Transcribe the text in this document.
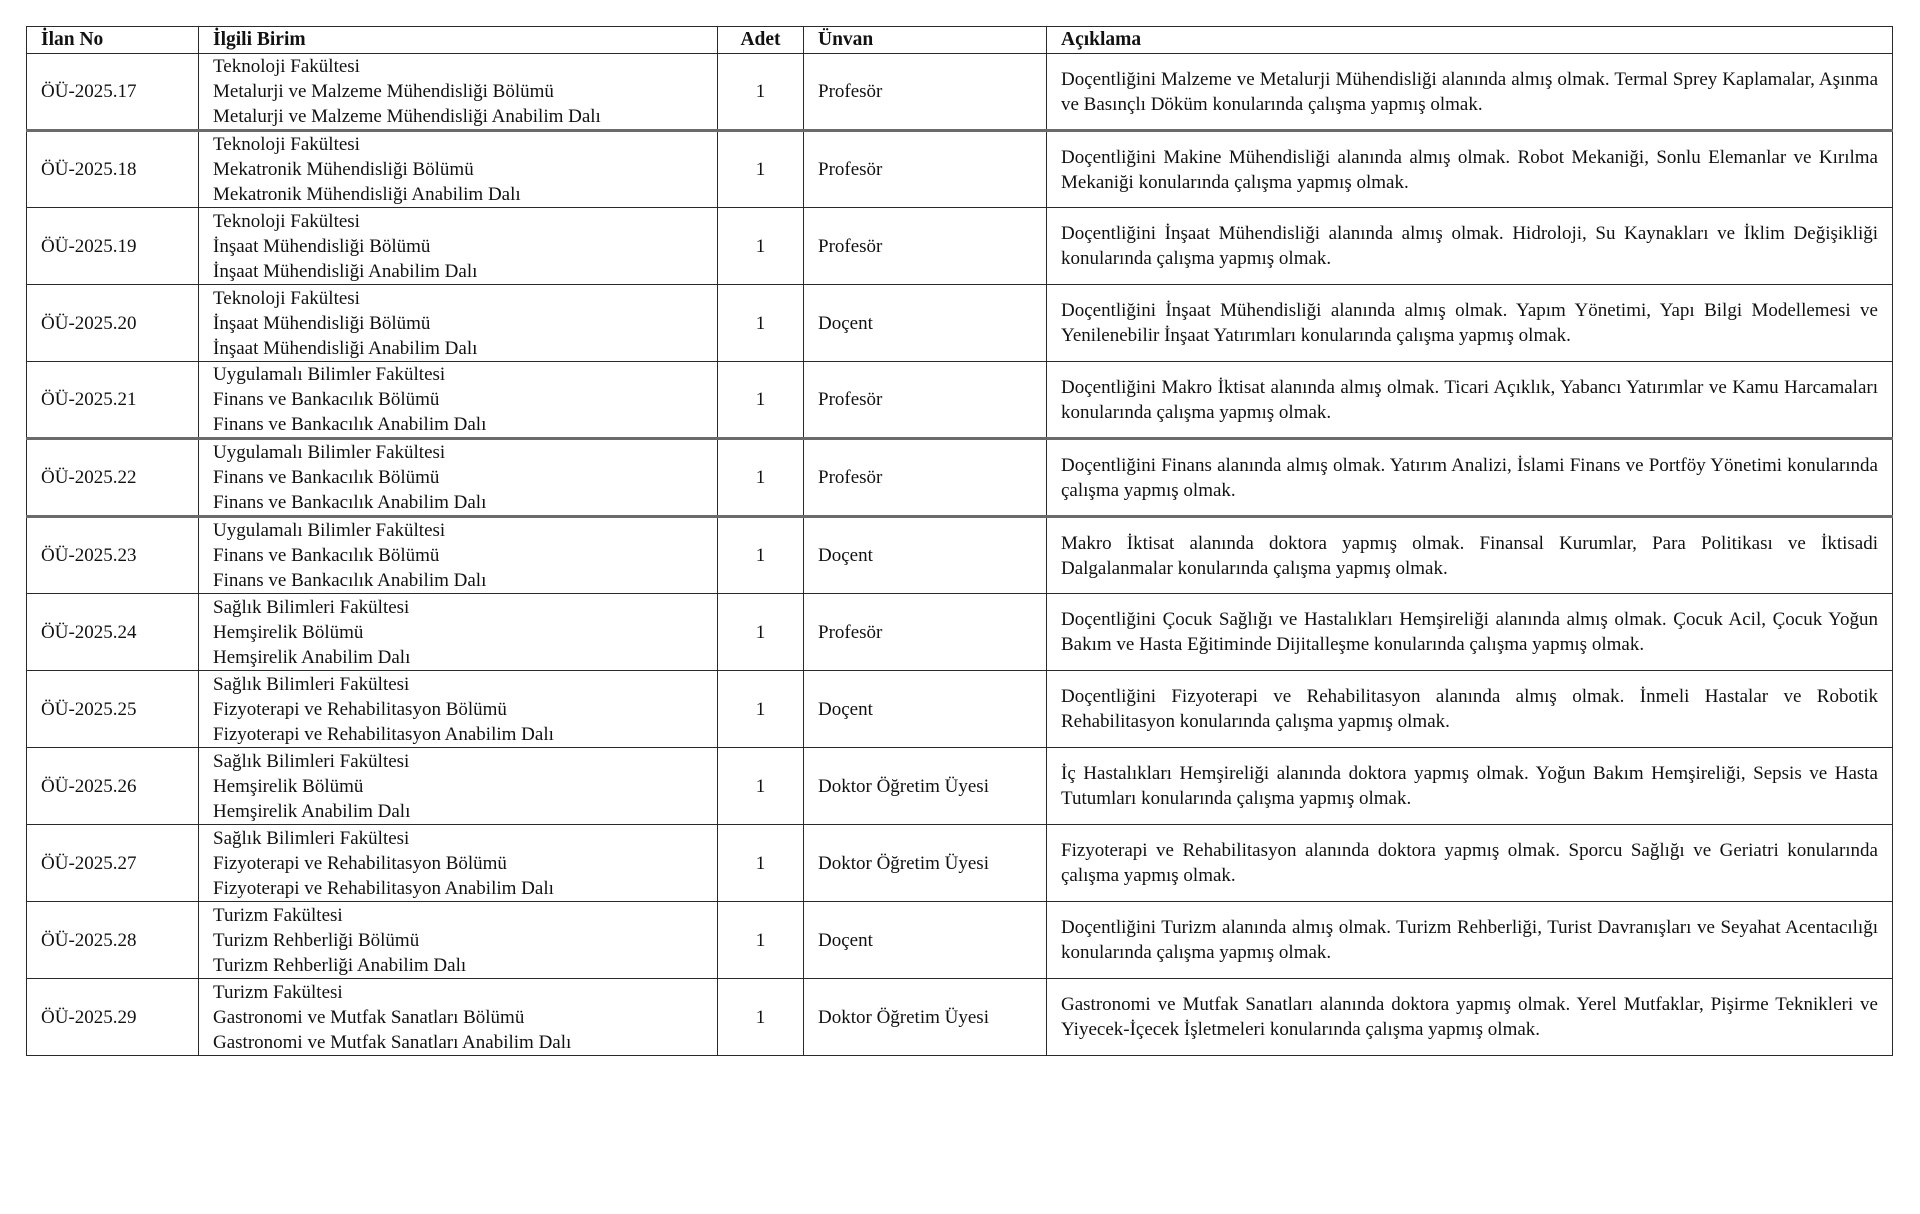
İlan No	İlgili Birim	Adet	Ünvan	Açıklama
ÖÜ-2025.17	Teknoloji Fakültesi
Metalurji ve Malzeme Mühendisliği Bölümü
Metalurji ve Malzeme Mühendisliği Anabilim Dalı	1	Profesör	Doçentliğini Malzeme ve Metalurji Mühendisliği alanında almış olmak. Termal Sprey Kaplamalar, Aşınma ve Basınçlı Döküm konularında çalışma yapmış olmak.
ÖÜ-2025.18	Teknoloji Fakültesi
Mekatronik Mühendisliği Bölümü
Mekatronik Mühendisliği Anabilim Dalı	1	Profesör	Doçentliğini Makine Mühendisliği alanında almış olmak. Robot Mekaniği, Sonlu Elemanlar ve Kırılma Mekaniği konularında çalışma yapmış olmak.
ÖÜ-2025.19	Teknoloji Fakültesi
İnşaat Mühendisliği Bölümü
İnşaat Mühendisliği Anabilim Dalı	1	Profesör	Doçentliğini İnşaat Mühendisliği alanında almış olmak. Hidroloji, Su Kaynakları ve İklim Değişikliği konularında çalışma yapmış olmak.
ÖÜ-2025.20	Teknoloji Fakültesi
İnşaat Mühendisliği Bölümü
İnşaat Mühendisliği Anabilim Dalı	1	Doçent	Doçentliğini İnşaat Mühendisliği alanında almış olmak. Yapım Yönetimi, Yapı Bilgi Modellemesi ve Yenilenebilir İnşaat Yatırımları konularında çalışma yapmış olmak.
ÖÜ-2025.21	Uygulamalı Bilimler Fakültesi
Finans ve Bankacılık Bölümü
Finans ve Bankacılık Anabilim Dalı	1	Profesör	Doçentliğini Makro İktisat alanında almış olmak. Ticari Açıklık, Yabancı Yatırımlar ve Kamu Harcamaları konularında çalışma yapmış olmak.
ÖÜ-2025.22	Uygulamalı Bilimler Fakültesi
Finans ve Bankacılık Bölümü
Finans ve Bankacılık Anabilim Dalı	1	Profesör	Doçentliğini Finans alanında almış olmak. Yatırım Analizi, İslami Finans ve Portföy Yönetimi konularında çalışma yapmış olmak.
ÖÜ-2025.23	Uygulamalı Bilimler Fakültesi
Finans ve Bankacılık Bölümü
Finans ve Bankacılık Anabilim Dalı	1	Doçent	Makro İktisat alanında doktora yapmış olmak. Finansal Kurumlar, Para Politikası ve İktisadi Dalgalanmalar konularında çalışma yapmış olmak.
ÖÜ-2025.24	Sağlık Bilimleri Fakültesi
Hemşirelik Bölümü
Hemşirelik Anabilim Dalı	1	Profesör	Doçentliğini Çocuk Sağlığı ve Hastalıkları Hemşireliği alanında almış olmak. Çocuk Acil, Çocuk Yoğun Bakım ve Hasta Eğitiminde Dijitalleşme konularında çalışma yapmış olmak.
ÖÜ-2025.25	Sağlık Bilimleri Fakültesi
Fizyoterapi ve Rehabilitasyon Bölümü
Fizyoterapi ve Rehabilitasyon Anabilim Dalı	1	Doçent	Doçentliğini Fizyoterapi ve Rehabilitasyon alanında almış olmak. İnmeli Hastalar ve Robotik Rehabilitasyon konularında çalışma yapmış olmak.
ÖÜ-2025.26	Sağlık Bilimleri Fakültesi
Hemşirelik Bölümü
Hemşirelik Anabilim Dalı	1	Doktor Öğretim Üyesi	İç Hastalıkları Hemşireliği alanında doktora yapmış olmak. Yoğun Bakım Hemşireliği, Sepsis ve Hasta Tutumları konularında çalışma yapmış olmak.
ÖÜ-2025.27	Sağlık Bilimleri Fakültesi
Fizyoterapi ve Rehabilitasyon Bölümü
Fizyoterapi ve Rehabilitasyon Anabilim Dalı	1	Doktor Öğretim Üyesi	Fizyoterapi ve Rehabilitasyon alanında doktora yapmış olmak. Sporcu Sağlığı ve Geriatri konularında çalışma yapmış olmak.
ÖÜ-2025.28	Turizm Fakültesi
Turizm Rehberliği Bölümü
Turizm Rehberliği Anabilim Dalı	1	Doçent	Doçentliğini Turizm alanında almış olmak. Turizm Rehberliği, Turist Davranışları ve Seyahat Acentacılığı konularında çalışma yapmış olmak.
ÖÜ-2025.29	Turizm Fakültesi
Gastronomi ve Mutfak Sanatları Bölümü
Gastronomi ve Mutfak Sanatları Anabilim Dalı	1	Doktor Öğretim Üyesi	Gastronomi ve Mutfak Sanatları alanında doktora yapmış olmak. Yerel Mutfaklar, Pişirme Teknikleri ve Yiyecek-İçecek İşletmeleri konularında çalışma yapmış olmak.
